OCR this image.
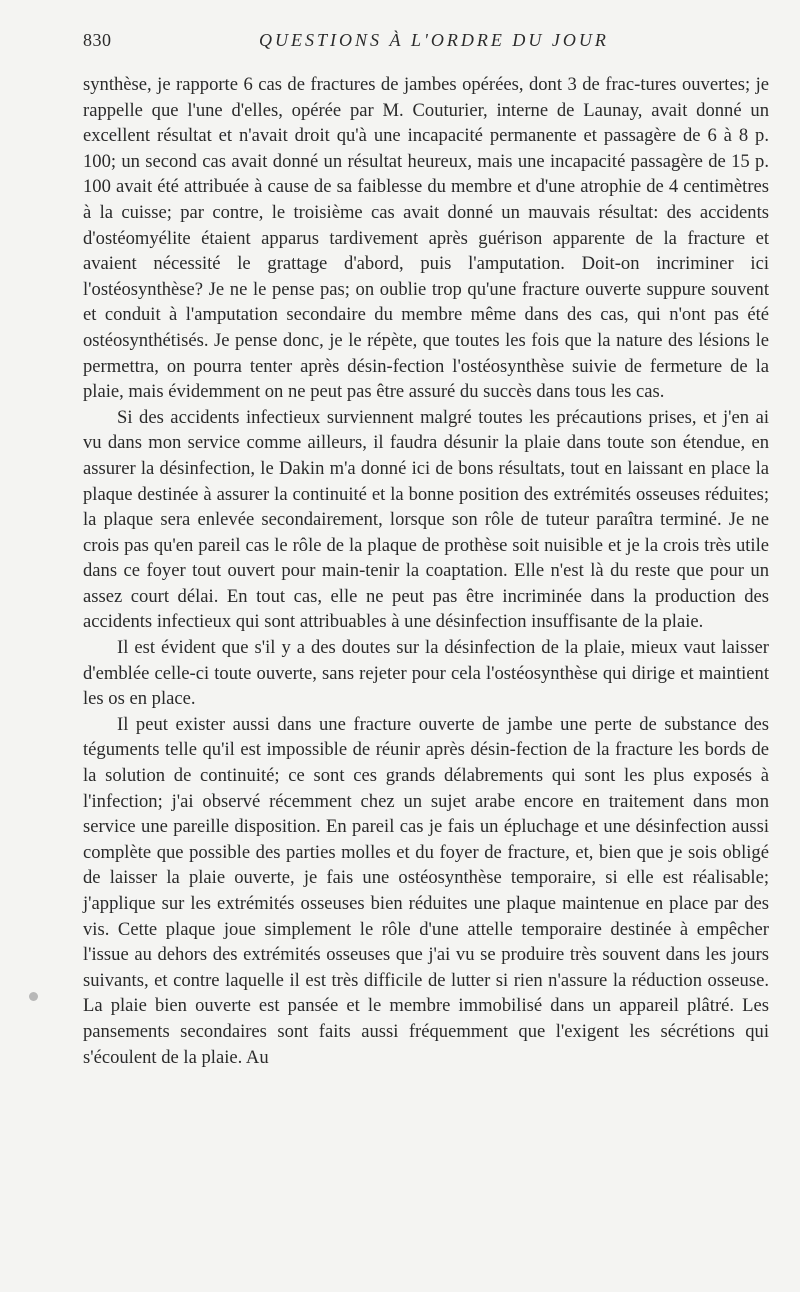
830	QUESTIONS À L'ORDRE DU JOUR

synthèse, je rapporte 6 cas de fractures de jambes opérées, dont 3 de frac-tures ouvertes; je rappelle que l'une d'elles, opérée par M. Couturier, interne de Launay, avait donné un excellent résultat et n'avait droit qu'à une incapacité permanente et passagère de 6 à 8 p. 100; un second cas avait donné un résultat heureux, mais une incapacité passagère de 15 p. 100 avait été attribuée à cause de sa faiblesse du membre et d'une atrophie de 4 centimètres à la cuisse; par contre, le troisième cas avait donné un mauvais résultat: des accidents d'ostéomyélite étaient apparus tardivement après guérison apparente de la fracture et avaient nécessité le grattage d'abord, puis l'amputation. Doit-on incriminer ici l'ostéosynthèse? Je ne le pense pas; on oublie trop qu'une fracture ouverte suppure souvent et conduit à l'amputation secondaire du membre même dans des cas, qui n'ont pas été ostéosynthétisés. Je pense donc, je le répète, que toutes les fois que la nature des lésions le permettra, on pourra tenter après désin-fection l'ostéosynthèse suivie de fermeture de la plaie, mais évidemment on ne peut pas être assuré du succès dans tous les cas.

Si des accidents infectieux surviennent malgré toutes les précautions prises, et j'en ai vu dans mon service comme ailleurs, il faudra désunir la plaie dans toute son étendue, en assurer la désinfection, le Dakin m'a donné ici de bons résultats, tout en laissant en place la plaque destinée à assurer la continuité et la bonne position des extrémités osseuses réduites; la plaque sera enlevée secondairement, lorsque son rôle de tuteur paraîtra terminé. Je ne crois pas qu'en pareil cas le rôle de la plaque de prothèse soit nuisible et je la crois très utile dans ce foyer tout ouvert pour main-tenir la coaptation. Elle n'est là du reste que pour un assez court délai. En tout cas, elle ne peut pas être incriminée dans la production des accidents infectieux qui sont attribuables à une désinfection insuffisante de la plaie.

Il est évident que s'il y a des doutes sur la désinfection de la plaie, mieux vaut laisser d'emblée celle-ci toute ouverte, sans rejeter pour cela l'ostéosynthèse qui dirige et maintient les os en place.

Il peut exister aussi dans une fracture ouverte de jambe une perte de substance des téguments telle qu'il est impossible de réunir après désin-fection de la fracture les bords de la solution de continuité; ce sont ces grands délabrements qui sont les plus exposés à l'infection; j'ai observé récemment chez un sujet arabe encore en traitement dans mon service une pareille disposition. En pareil cas je fais un épluchage et une désinfection aussi complète que possible des parties molles et du foyer de fracture, et, bien que je sois obligé de laisser la plaie ouverte, je fais une ostéosynthèse temporaire, si elle est réalisable; j'applique sur les extrémités osseuses bien réduites une plaque maintenue en place par des vis. Cette plaque joue simplement le rôle d'une attelle temporaire destinée à empêcher l'issue au dehors des extrémités osseuses que j'ai vu se produire très souvent dans les jours suivants, et contre laquelle il est très difficile de lutter si rien n'assure la réduction osseuse. La plaie bien ouverte est pansée et le membre immobilisé dans un appareil plâtré. Les pansements secondaires sont faits aussi fréquemment que l'exigent les sécrétions qui s'écoulent de la plaie. Au
